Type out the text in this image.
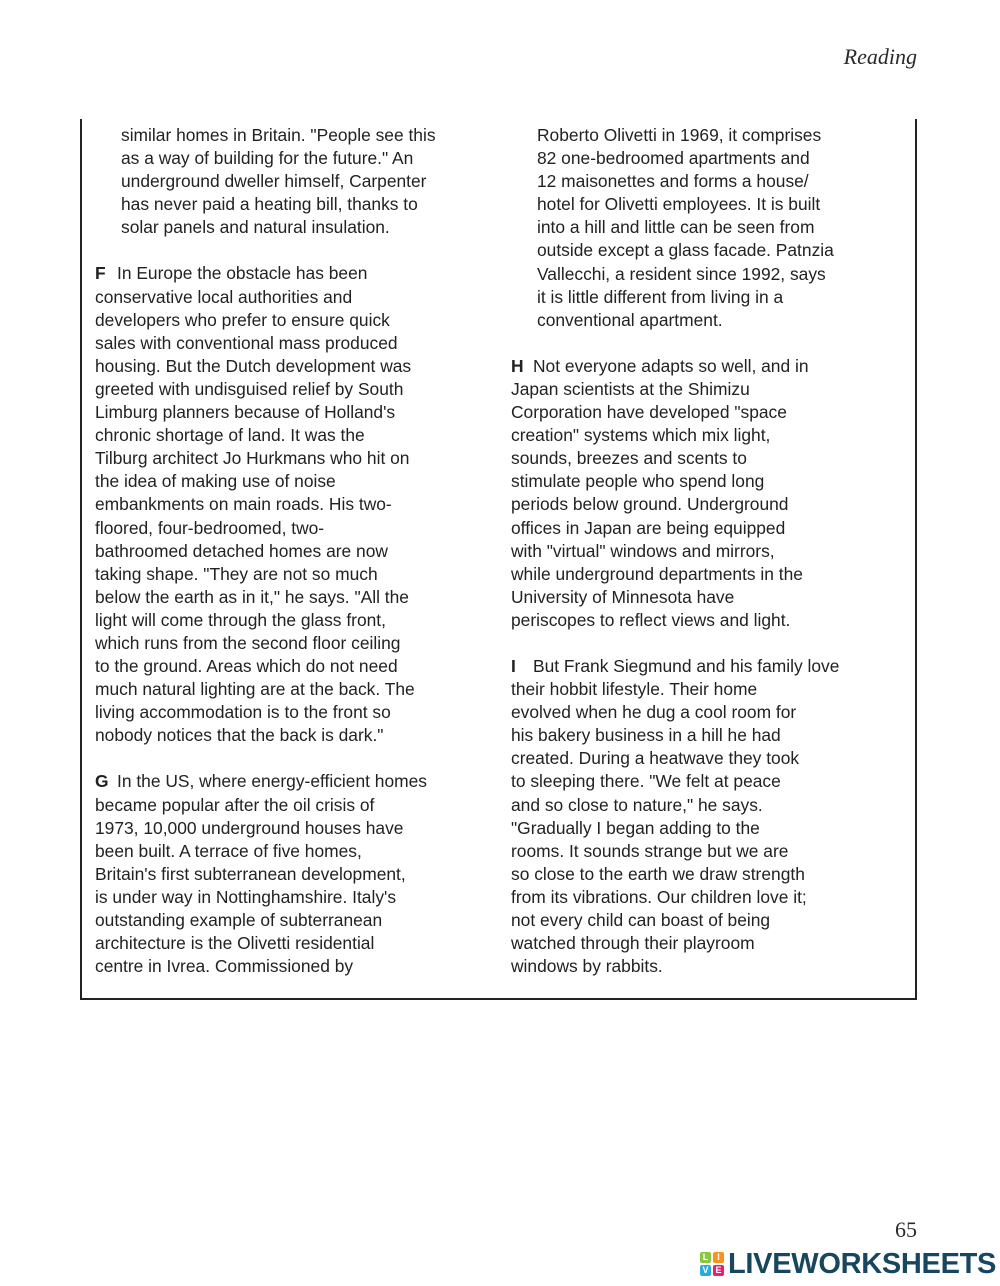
Reading
similar homes in Britain. "People see this
as a way of building for the future." An
underground dweller himself, Carpenter
has never paid a heating bill, thanks to
solar panels and natural insulation.
F In Europe the obstacle has been
conservative local authorities and
developers who prefer to ensure quick
sales with conventional mass produced
housing. But the Dutch development was
greeted with undisguised relief by South
Limburg planners because of Holland's
chronic shortage of land. It was the
Tilburg architect Jo Hurkmans who hit on
the idea of making use of noise
embankments on main roads. His two-
floored, four-bedroomed, two-
bathroomed detached homes are now
taking shape. "They are not so much
below the earth as in it," he says. "All the
light will come through the glass front,
which runs from the second floor ceiling
to the ground. Areas which do not need
much natural lighting are at the back. The
living accommodation is to the front so
nobody notices that the back is dark."
G In the US, where energy-efficient homes
became popular after the oil crisis of
1973, 10,000 underground houses have
been built. A terrace of five homes,
Britain's first subterranean development,
is under way in Nottinghamshire. Italy's
outstanding example of subterranean
architecture is the Olivetti residential
centre in Ivrea. Commissioned by
Roberto Olivetti in 1969, it comprises
82 one-bedroomed apartments and
12 maisonettes and forms a house/
hotel for Olivetti employees. It is built
into a hill and little can be seen from
outside except a glass facade. Patnzia
Vallecchi, a resident since 1992, says
it is little different from living in a
conventional apartment.
H Not everyone adapts so well, and in
Japan scientists at the Shimizu
Corporation have developed "space
creation" systems which mix light,
sounds, breezes and scents to
stimulate people who spend long
periods below ground. Underground
offices in Japan are being equipped
with "virtual" windows and mirrors,
while underground departments in the
University of Minnesota have
periscopes to reflect views and light.
I But Frank Siegmund and his family love
their hobbit lifestyle. Their home
evolved when he dug a cool room for
his bakery business in a hill he had
created. During a heatwave they took
to sleeping there. "We felt at peace
and so close to nature," he says.
"Gradually I began adding to the
rooms. It sounds strange but we are
so close to the earth we draw strength
from its vibrations. Our children love it;
not every child can boast of being
watched through their playroom
windows by rabbits.
65
L I
V E LIVEWORKSHEETS
